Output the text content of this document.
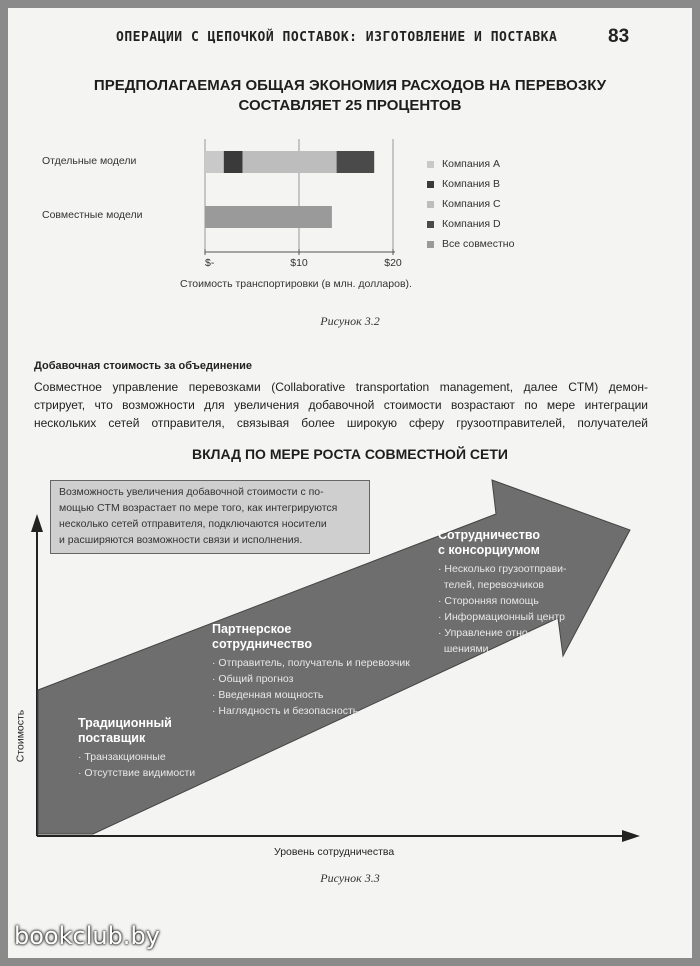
ОПЕРАЦИИ С ЦЕПОЧКОЙ ПОСТАВОК: ИЗГОТОВЛЕНИЕ И ПОСТАВКА	83
ПРЕДПОЛАГАЕМАЯ ОБЩАЯ ЭКОНОМИЯ РАСХОДОВ НА ПЕРЕВОЗКУ
СОСТАВЛЯЕТ 25 ПРОЦЕНТОВ
$-	$10	$20
Отдельные модели
Совместные модели
Компания A
Компания B
Компания C
Компания D
Все совместно
Стоимость транспортировки (в млн. долларов).
Рисунок 3.2
Добавочная стоимость за объединение
Совместное управление перевозками (Collaborative transportation management, далее CTM) демон-
стрирует, что возможности для увеличения добавочной стоимости возрастают по мере интеграции
нескольких сетей отправителя, связывая более широкую сферу грузоотправителей, получателей
ВКЛАД ПО МЕРЕ РОСТА СОВМЕСТНОЙ СЕТИ
Возможность увеличения добавочной стоимости с по-
мощью CTM возрастает по мере того, как интегрируются
несколько сетей отправителя, подключаются носители
и расширяются возможности связи и исполнения.
Традиционный
поставщик
· Транзакционные
· Отсутствие видимости
Партнерское
сотрудничество
· Отправитель, получатель и перевозчик
· Общий прогноз
· Введенная мощность
· Наглядность и безопасность
Сотрудничество
с консорциумом
· Несколько грузоотправи-
телей, перевозчиков
· Сторонняя помощь
· Информационный центр
· Управление отно-
шениями
Стоимость
Уровень сотрудничества
Рисунок 3.3
bookclub.by
